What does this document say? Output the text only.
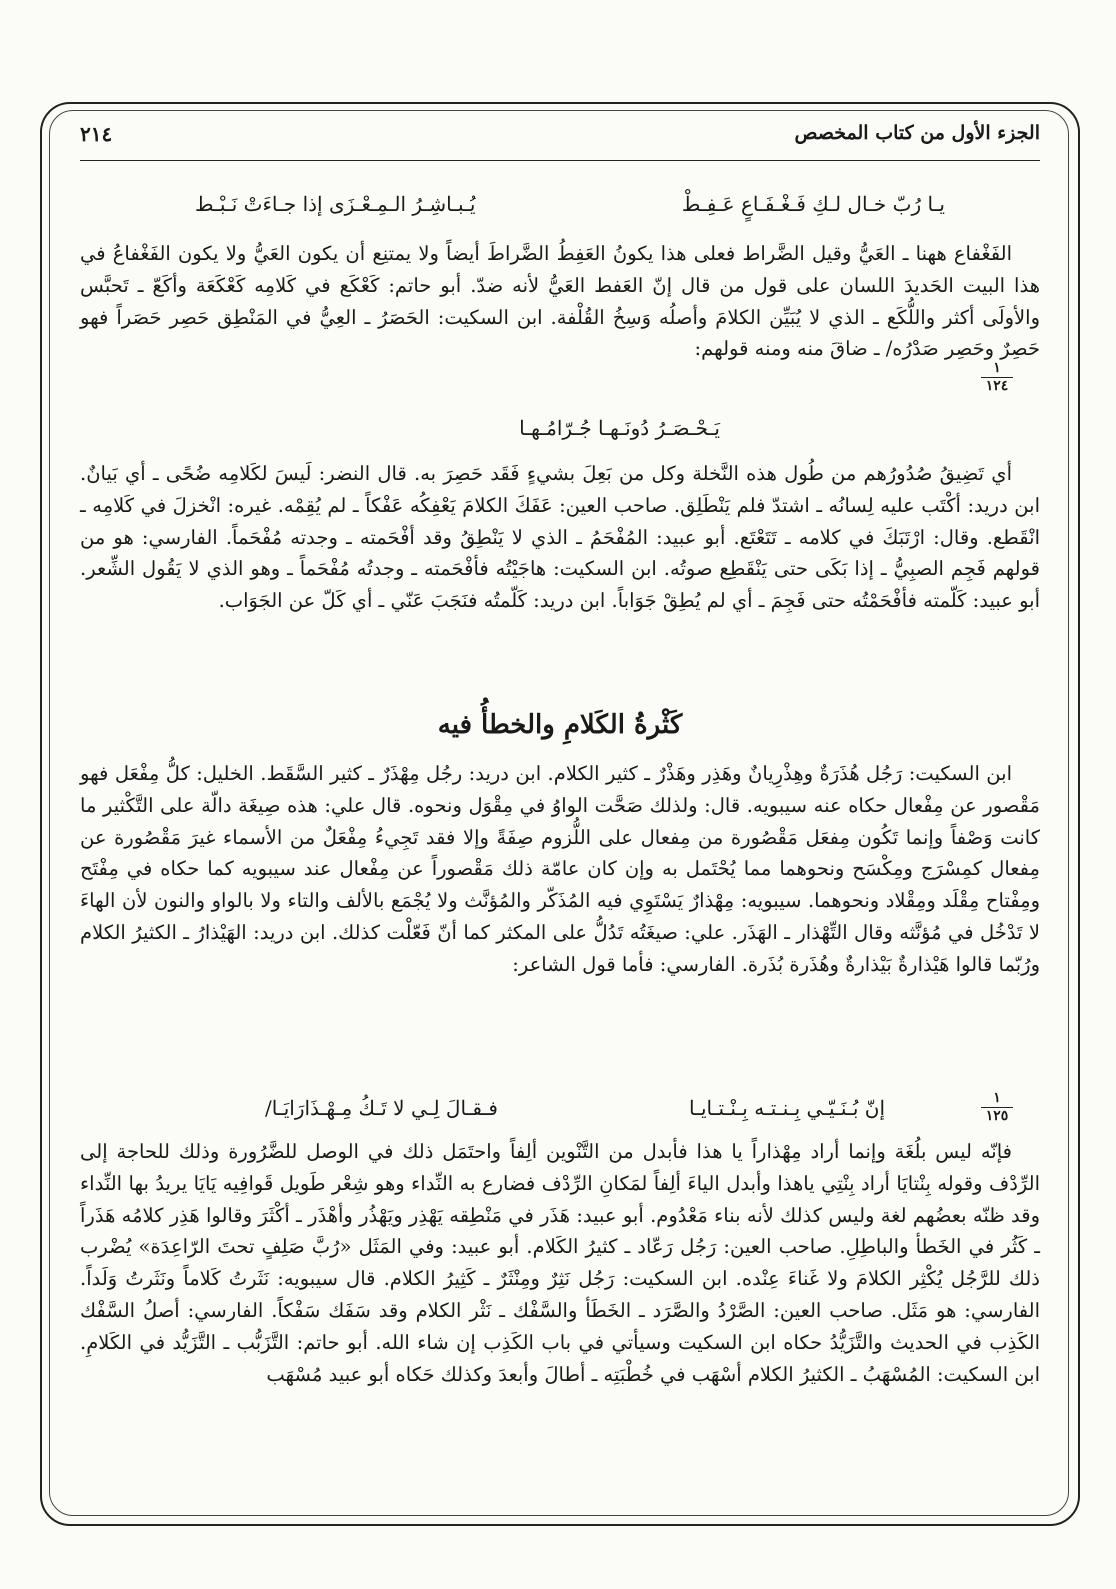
الجزء الأول من كتاب المخصص
٢١٤
يـا رُبّ خـال لـكِ فَـغْـفَـاعٍ عَـفِـطْ
يُـبـاشِـرُ الـمِـعْـزَى إذا جـاءَتْ نَـبْـط

الفَغْفاع ههنا ـ العَيُّ وقيل الضَّراط فعلى هذا يكونُ العَفِطُ الضَّراطَ أيضاً ولا يمتنِع أن يكون العَيُّ ولا يكون الفَغْفاعُ في هذا البيت الحَديدَ اللسان على قول من قال إنّ العَفط العَيُّ لأنه ضدّ. أبو حاتم: كَعْكَع في كَلامِه كَعْكَعَة وأكَعّ ـ تَحبَّس والأولَى أكثر واللُّكَع ـ الذي لا يُبَيِّن الكلامَ وأصلُه وَسِخُ القُلْفة. ابن السكيت: الحَصَرُ ـ العِيُّ في المَنْطِق حَصِر حَصَراً فهو حَصِرٌ وحَصِر صَدْرُه/ ـ ضاقَ منه ومنه قولهم:

١
١٢٤
يَـحْـصَـرُ دُونَـهـا جُـرّامُـهـا

أي تَضِيقُ صُدُورُهم من طُول هذه النَّخلة وكل من بَعِلَ بشيءٍ فَقَد حَصِرَ به. قال النضر: لَيسَ لكَلامِه ضُحًى ـ أي بَيانٌ. ابن دريد: أكْتَب عليه لِسانُه ـ اشتدّ فلم يَنْطَلِق. صاحب العين: عَفَكَ الكلامَ يَعْفِكُه عَفْكاً ـ لم يُقِمْه. غيره: انْخزلَ في كَلامِه ـ انْقَطع. وقال: ارْتَبَكَ في كلامه ـ تَتَعْتَع. أبو عبيد: المُفْحَمُ ـ الذي لا يَنْطِقُ وقد أفْحَمته ـ وجدته مُفْحَماً. الفارسي: هو من قولهم فَجِم الصبِيُّ ـ إذا بَكَى حتى يَنْقَطِع صوتُه. ابن السكيت: هاجَيْتُه فأفْحَمته ـ وجدتُه مُفْحَماً ـ وهو الذي لا يَقُول الشِّعر. أبو عبيد: كَلّمته فأفْحَمْتُه حتى فَجِمَ ـ أي لم يُطِقْ جَوَاباً. ابن دريد: كَلّمتُه فنَجَبَ عَنّي ـ أي كَلّ عن الجَوَاب.

كَثْرةُ الكَلامِ والخطأُ فيه

ابن السكيت: رَجُل هُذَرَةٌ وهِذْرِيانٌ وهَذِر وهَذْرٌ ـ كثير الكلام. ابن دريد: رجُل مِهْذَرٌ ـ كثير السَّقَط. الخليل: كلُّ مِفْعَل فهو مَقْصور عن مِفْعال حكاه عنه سيبويه. قال: ولذلك صَحَّت الواوُ في مِقْوَل ونحوه. قال علي: هذه صِيغَة دالّة على التَّكْثير ما كانت وَصْفاً وإنما تَكُون مِفعَل مَقْصُورة من مِفعال على اللُّزوم صِفَةً وإلا فقد تَجِيءُ مِفْعَلٌ من الأسماء غيرَ مَقْصُورة عن مِفعال كمِسْرَج ومِكْسَح ونحوهما مما يُحْتَمل به وإن كان عامّة ذلك مَقْصوراً عن مِفْعال عند سيبويه كما حكاه في مِفْتَح ومِفْتاح مِقْلَد ومِقْلاد ونحوهما. سيبويه: مِهْذارٌ يَسْتَوِي فيه المُذَكّر والمُؤنَّث ولا يُجْمَع بالألف والتاء ولا بالواو والنون لأن الهاءَ لا تَدْخُل في مُؤنَّثه وقال التِّهْذار ـ الهَذَر. علي: صيغَتُه تَدُلُّ على المكثر كما أنّ فَعّلْت كذلك. ابن دريد: الهَيْذارُ ـ الكثيرُ الكلام ورُبّما قالوا هَيْذارةٌ بَيْذارةٌ وهُذَرة بُذَرة. الفارسي: فأما قول الشاعر:

١
١٢٥
إنّ بُـنَـيّـي بِـنـتـه بِـنْـتـايـا
فـقـالَ لِـي لا تَـكُ مِـهْـذَارَايَـا/

فإنّه ليس بلُغَة وإنما أراد مِهْذاراً يا هذا فأبدل من التَّنْوين ألِفاً واحتَمَل ذلك في الوصل للضَّرُورة وذلك للحاجة إلى الرِّدْف وقوله بِنْتايَا أراد بِنْتِي ياهذا وأبدل الياءَ ألِفاً لمَكانِ الرِّدْف فضارع به النِّداء وهو شِعْر طَويل قَوافِيه يَايَا يريدُ بها النِّداء وقد ظنّه بعضُهم لغة وليس كذلك لأنه بناء مَعْدُوم. أبو عبيد: هَذَر في مَنْطِقه يَهْذِر ويَهْذُر وأهْذَر ـ أكْثَرَ وقالوا هَذِر كلامُه هَذَراً ـ كَثُر في الخَطأ والباطِلِ. صاحب العين: رَجُل رَعّاد ـ كثيرُ الكَلام. أبو عبيد: وفي المَثَل «رُبَّ صَلِفٍ تحتَ الرّاعِدَة» يُضْرب ذلك للرَّجُل يُكْثِر الكلامَ ولا غَناءَ عِنْده. ابن السكيت: رَجُل نَثِرٌ ومِنْثَرٌ ـ كَثِيرُ الكلام. قال سيبويه: نَثَرتُ كَلاماً ونَثَرتُ وَلَداً. الفارسي: هو مَثَل. صاحب العين: الصَّرْدُ والصَّرَد ـ الخَطَأ والسَّفْك ـ نَثْر الكلام وقد سَفَك سَفْكاً. الفارسي: أصلُ السَّفْك الكَذِب في الحديث والتَّزَيُّدُ حكاه ابن السكيت وسيأتي في باب الكَذِب إن شاء الله. أبو حاتم: التَّزَبُّب ـ التَّزَيُّد في الكَلامِ. ابن السكيت: المُسْهَبُ ـ الكثيرُ الكلام أسْهَب في خُطْبَتِه ـ أطالَ وأبعدَ وكذلك حَكاه أبو عبيد مُسْهَب
